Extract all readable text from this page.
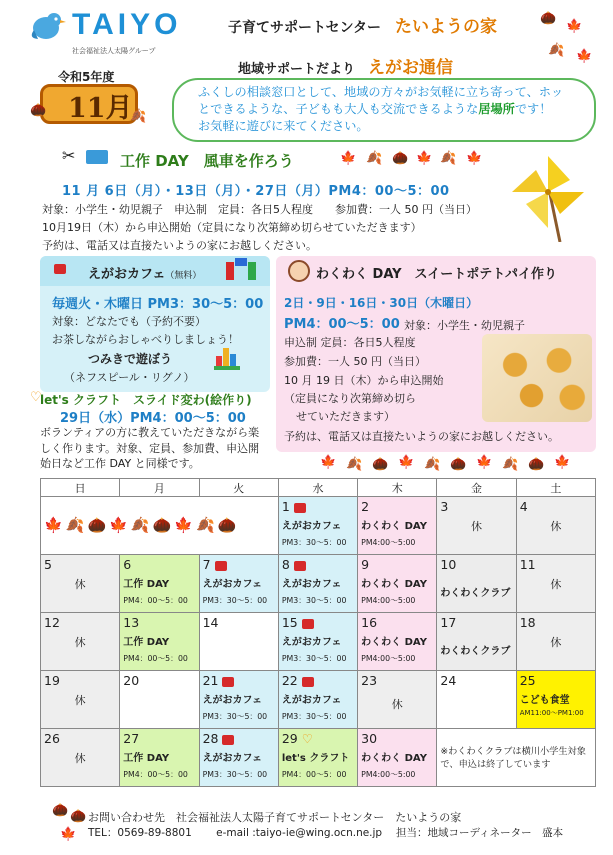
TAIYO
社会福祉法人太陽グループ
子育てサポートセンター　 たいようの家
地域サポートだより　 えがお通信
🌰
🍁
🍂 🍁
令和5年度
11月
🌰	🍂
ふくしの相談窓口として、地域の方々がお気軽に立ち寄って、ホッ
とできるような、子どもも大人も交流できるような居場所です！
お気軽に遊びに来てください。
✂	工作 DAY　風車を作ろう	🍁 🍂 🌰 🍁 🍂 🍁
11 月 6日（月）・13日（月）・27日（月）PM4：00～5：00
対象：小学生・幼児親子　申込制　定員：各日5人程度　　参加費：一人 50 円（当日）
10月19日（木）から申込開始（定員になり次第締め切らせていただきます）
予約は、電話又は直接たいようの家にお越しください。
えがおカフェ（無料）
毎週火・木曜日 PM3：30～5：00
対象：どなたでも（予約不要）
お茶しながらおしゃべりしましょう！
つみきで遊ぼう
（ネフスピール・リグノ）
♡
let's クラフト　スライド変わ(絵作り)
29日（水）PM4：00～5：00
ボランティアの方に教えていただきながら楽しく作ります。対象、定員、参加費、申込開始日など工作 DAY と同様です。
わくわく DAY　スイートポテトパイ作り
2日・9日・16日・30日（木曜日）
PM4：00～5：00 対象：小学生・幼児親子
申込制 定員：各日5人程度
参加費：一人 50 円（当日）
10 月 19 日（木）から申込開始
（定員になり次第締め切ら
せていただきます）
予約は、電話又は直接たいようの家にお越しください。
🍁 🍂 🌰 🍁 🍂 🌰 🍁 🍂 🌰 🍁
日	月	火	水	木	金	土
🍁 🍂 🌰 🍁 🍂 🌰 🍁 🍂 🌰			1
えがおカフェ
PM3：30～5：00	2
わくわく DAY
PM4:00～5:00	3
休	4
休

5
休	6
工作 DAY
PM4：00～5：00	7
えがおカフェ
PM3：30～5：00	8
えがおカフェ
PM3：30～5：00	9
わくわく DAY
PM4:00～5:00	10
わくわくクラブ	11
休

12
休	13
工作 DAY
PM4：00～5：00	14	15
えがおカフェ
PM3：30～5：00	16
わくわく DAY
PM4:00～5:00	17
わくわくクラブ	18
休

19
休	20	21
えがおカフェ
PM3：30～5：00	22
えがおカフェ
PM3：30～5：00	23
休	24	25
こども食堂
AM11:00～PM1:00

26
休	27
工作 DAY
PM4：00～5：00	28
えがおカフェ
PM3：30～5：00	29 ♡
let's クラフト
PM4：00～5：00	30
わくわく DAY
PM4:00～5:00	※わくわくクラブは横川小学生対象で、申込は終了しています	
🌰 🌰
🍁
お問い合わせ先　社会福祉法人太陽子育てサポートセンター　たいようの家
TEL：0569-89-8801　　 e-mail :taiyo-ie@wing.ocn.ne.jp　 担当：地域コーディネーター　盛本
